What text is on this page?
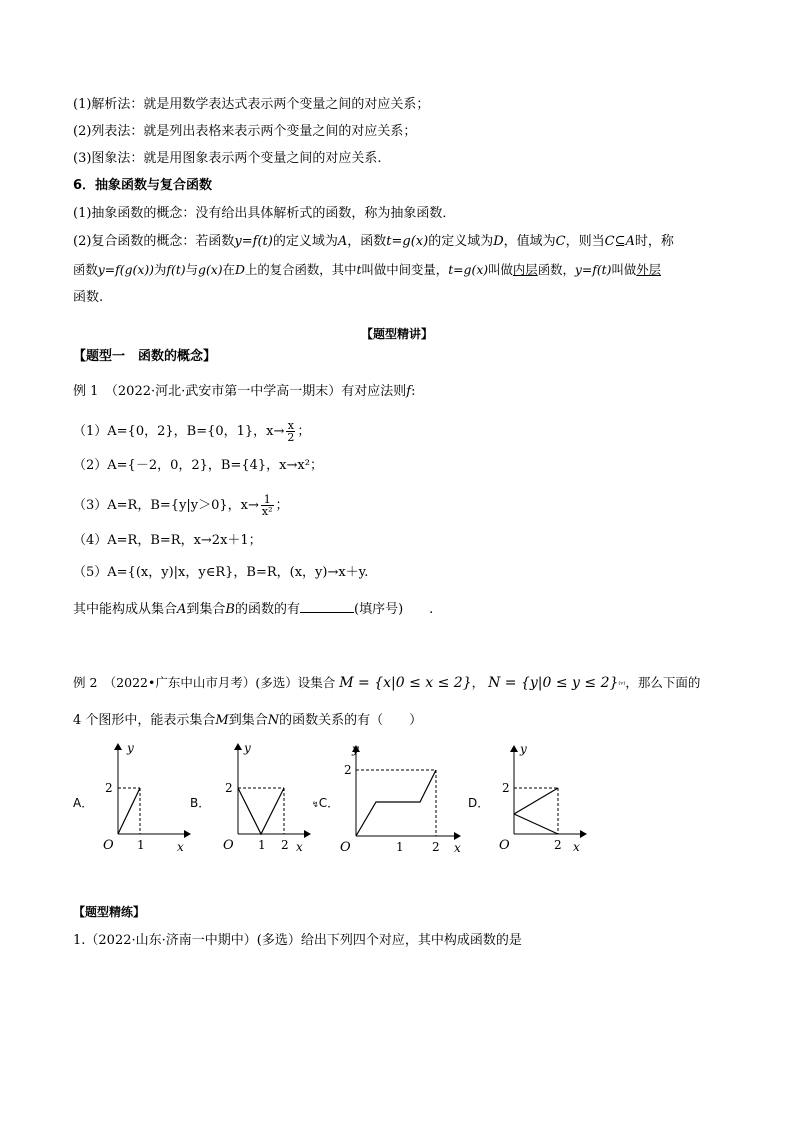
(1)解析法：就是用数学表达式表示两个变量之间的对应关系；
(2)列表法：就是列出表格来表示两个变量之间的对应关系；
(3)图象法：就是用图象表示两个变量之间的对应关系.
6．抽象函数与复合函数
(1)抽象函数的概念：没有给出具体解析式的函数，称为抽象函数．
(2)复合函数的概念：若函数y=f(t)的定义域为A，函数t=g(x)的定义域为D，值域为C，则当C⊆A时，称
函数y=f(g(x))为f(t)与g(x)在D上的复合函数，其中t叫做中间变量，t=g(x)叫做内层函数，y=f(t)叫做外层
函数.
【题型精讲】
【题型一　函数的概念】
例 1　（2022·河北·武安市第一中学高一期末）有对应法则f:
（1）A={0，2}，B={0，1}，$x\to \frac{x}{2}$ ；
（2）A={－2，0，2}，B={4}，x→x²；
（3）A=R，B={y|y＞0}，$x\to \frac{1}{\text{x²}}$ ；
（4）A=R，B=R，x→2x＋1；
（5）A={(x，y)|x，y∈R}，B=R，(x，y)→x＋y.
其中能构成从集合A到集合B的函数的有	(填序号)　　.
例 2　（2022•广东中山市月考）(多选）设集合 M = {x|0 ≤ x ≤ 2}， N = {y|0 ≤ y ≤ 2}⁽ᵛ⁾，那么下面的
4 个图形中，能表示集合M到集合N的函数关系的有（　　）
A．	B．	↯C．	D．
y
2
O 1	x
y
2
O 1 2 x
y
2
O	1 2 x
y
2
O	2 x
【题型精练】
1.（2022·山东·济南一中期中）(多选）给出下列四个对应，其中构成函数的是
